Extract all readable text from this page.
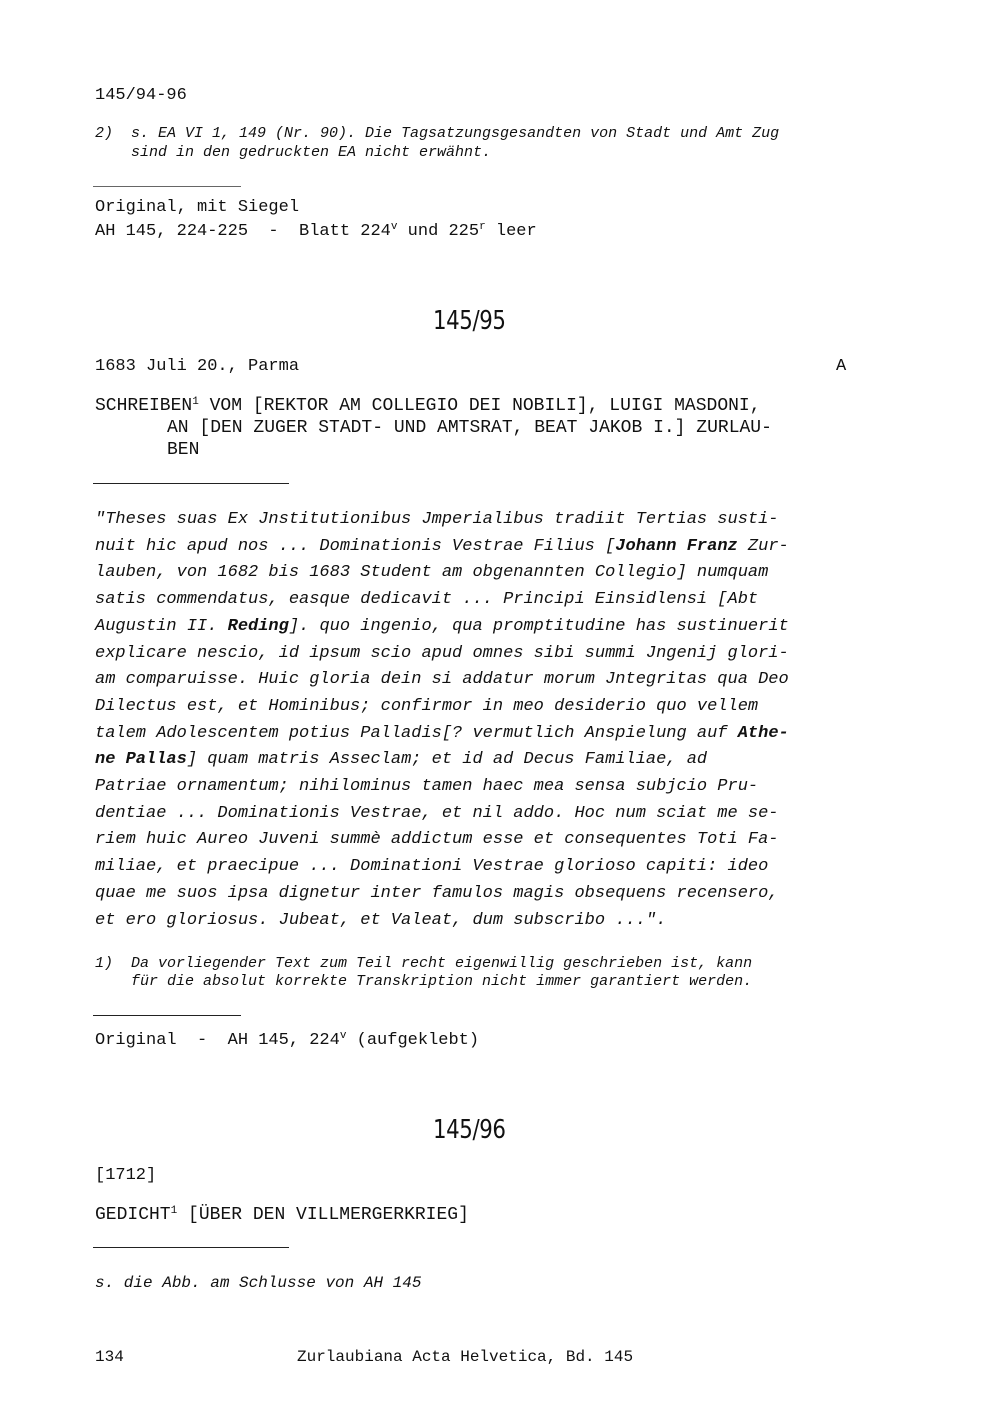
145/94-96
2) s. EA VI 1, 149 (Nr. 90). Die Tagsatzungsgesandten von Stadt und Amt Zug
sind in den gedruckten EA nicht erwähnt.
Original, mit Siegel
AH 145, 224-225  -  Blatt 224$^v$ und 225$^r$ leer
145/95
1683 Juli 20., Parma	A
SCHREIBEN$^1$ VOM [REKTOR AM COLLEGIO DEI NOBILI], LUIGI MASDONI,
AN [DEN ZUGER STADT- UND AMTSRAT, BEAT JAKOB I.] ZURLAU-
BEN
"Theses suas Ex Jnstitutionibus Jmperialibus tradiit Tertias susti-
nuit hic apud nos ... Dominationis Vestrae Filius [Johann Franz Zur-
lauben, von 1682 bis 1683 Student am obgenannten Collegio] numquam
satis commendatus, easque dedicavit ... Principi Einsidlensi [Abt
Augustin II. Reding]. quo ingenio, qua promptitudine has sustinuerit
explicare nescio, id ipsum scio apud omnes sibi summi Jngenij glori-
am comparuisse. Huic gloria dein si addatur morum Jntegritas qua Deo
Dilectus est, et Hominibus; confirmor in meo desiderio quo vellem
talem Adolescentem potius Palladis[? vermutlich Anspielung auf Athe-
ne Pallas] quam matris Asseclam; et id ad Decus Familiae, ad
Patriae ornamentum; nihilominus tamen haec mea sensa subjcio Pru-
dentiae ... Dominationis Vestrae, et nil addo. Hoc num sciat me se-
riem huic Aureo Juveni summè addictum esse et consequentes Toti Fa-
miliae, et praecipue ... Dominationi Vestrae glorioso capiti: ideo
quae me suos ipsa dignetur inter famulos magis obsequens recensero,
et ero gloriosus. Jubeat, et Valeat, dum subscribo ...".
1) Da vorliegender Text zum Teil recht eigenwillig geschrieben ist, kann
für die absolut korrekte Transkription nicht immer garantiert werden.
Original  -  AH 145, 224$^v$ (aufgeklebt)
145/96
[1712]
GEDICHT$^1$ [ÜBER DEN VILLMERGERKRIEG]
s. die Abb. am Schlusse von AH 145
134	Zurlaubiana Acta Helvetica, Bd. 145
